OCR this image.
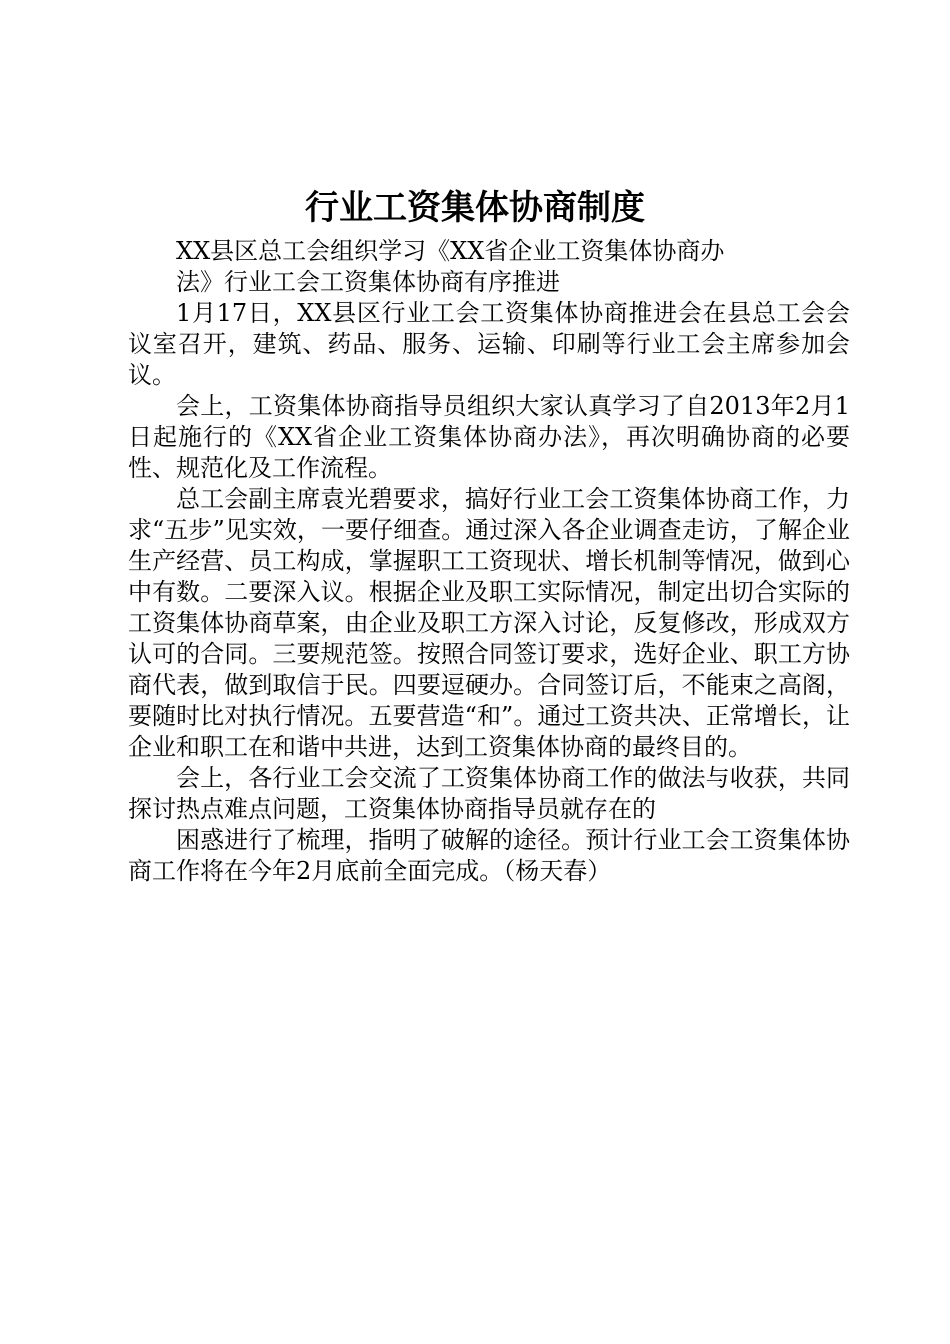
行业工资集体协商制度

XX县区总工会组织学习《XX省企业工资集体协商办

法》行业工会工资集体协商有序推进

1月17日，XX县区行业工会工资集体协商推进会在县总工会会议室召开，建筑、药品、服务、运输、印刷等行业工会主席参加会议。

会上，工资集体协商指导员组织大家认真学习了自2013年2月1日起施行的《XX省企业工资集体协商办法》，再次明确协商的必要性、规范化及工作流程。

总工会副主席袁光碧要求，搞好行业工会工资集体协商工作，力求“五步”见实效，一要仔细查。通过深入各企业调查走访，了解企业生产经营、员工构成，掌握职工工资现状、增长机制等情况，做到心中有数。二要深入议。根据企业及职工实际情况，制定出切合实际的工资集体协商草案，由企业及职工方深入讨论，反复修改，形成双方认可的合同。三要规范签。按照合同签订要求，选好企业、职工方协商代表，做到取信于民。四要逗硬办。合同签订后，不能束之高阁，要随时比对执行情况。五要营造“和”。通过工资共决、正常增长，让企业和职工在和谐中共进，达到工资集体协商的最终目的。

会上，各行业工会交流了工资集体协商工作的做法与收获，共同探讨热点难点问题，工资集体协商指导员就存在的

困惑进行了梳理，指明了破解的途径。预计行业工会工资集体协商工作将在今年2月底前全面完成。（杨天春）
